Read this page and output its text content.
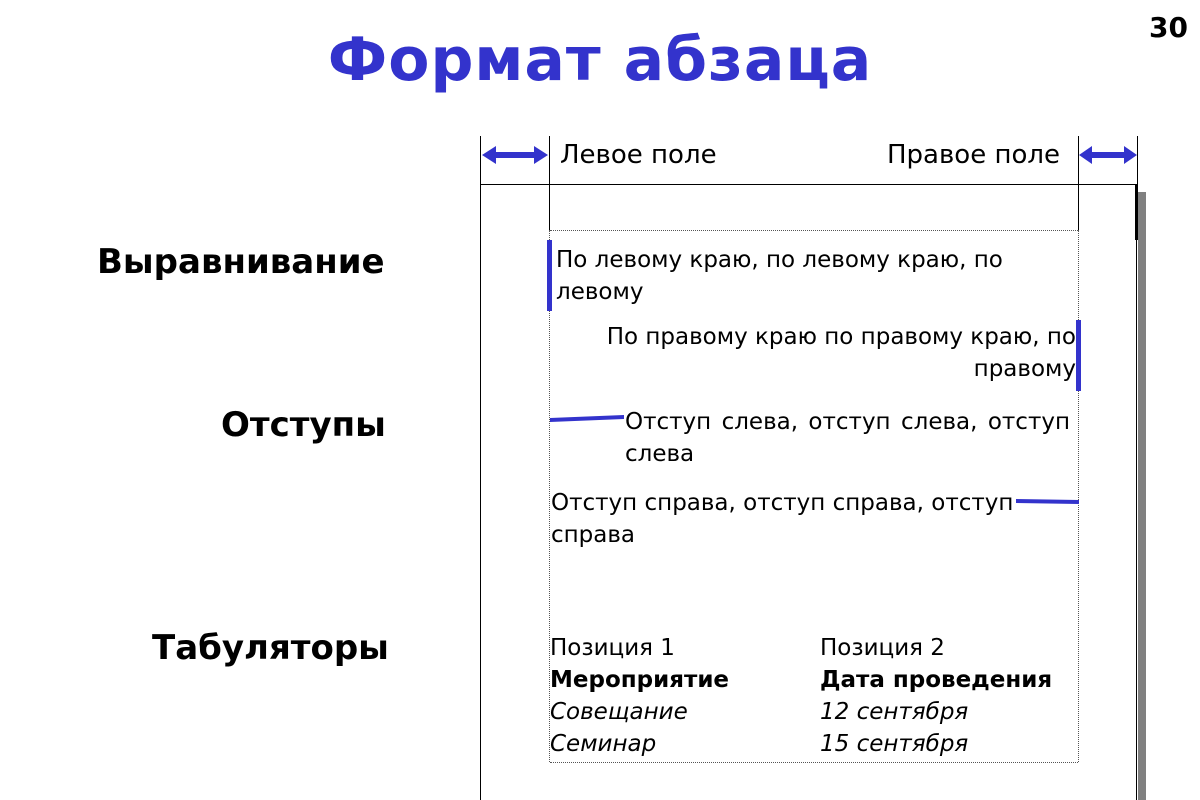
Формат абзаца	30
Выравнивание
Отступы
Табуляторы
Левое поле	Правое поле
По левому краю, по левому краю, по левому
По правому краю по правому краю, по
правому
Отступ слева, отступ слева, отступ
слева
Отступ справа, отступ справа, отступ
справа
Позиция 1	Позиция 2
Мероприятие	Дата проведения
Совещание	12 сентября
Семинар	15 сентября
